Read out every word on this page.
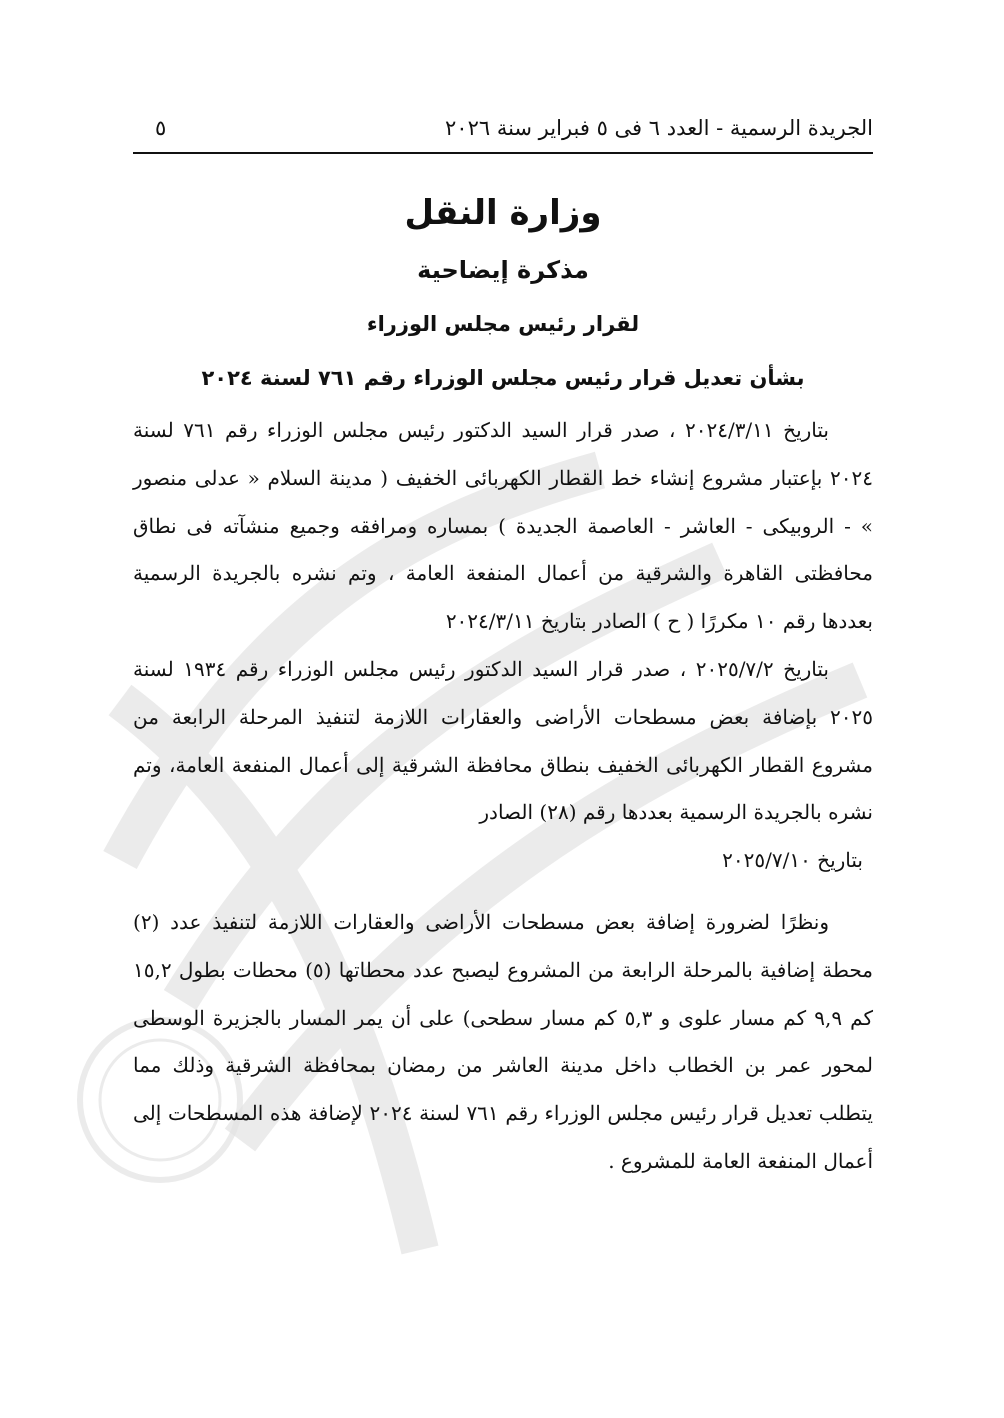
الجريدة الرسمية - العدد ٦ فى ٥ فبراير سنة ٢٠٢٦
٥
وزارة النقل
مذكرة إيضاحية
لقرار رئيس مجلس الوزراء
بشأن تعديل قرار رئيس مجلس الوزراء رقم ٧٦١ لسنة ٢٠٢٤

بتاريخ ٢٠٢٤/٣/١١ ، صدر قرار السيد الدكتور رئيس مجلس الوزراء رقم ٧٦١ لسنة ٢٠٢٤ بإعتبار مشروع إنشاء خط القطار الكهربائى الخفيف ( مدينة السلام « عدلى منصور » - الروبيكى - العاشر - العاصمة الجديدة ) بمساره ومرافقه وجميع منشآته فى نطاق محافظتى القاهرة والشرقية من أعمال المنفعة العامة ، وتم نشره بالجريدة الرسمية بعددها رقم ١٠ مكررًا ( ح ) الصادر بتاريخ ٢٠٢٤/٣/١١

بتاريخ ٢٠٢٥/٧/٢ ، صدر قرار السيد الدكتور رئيس مجلس الوزراء رقم ١٩٣٤ لسنة ٢٠٢٥ بإضافة بعض مسطحات الأراضى والعقارات اللازمة لتنفيذ المرحلة الرابعة من مشروع القطار الكهربائى الخفيف بنطاق محافظة الشرقية إلى أعمال المنفعة العامة، وتم نشره بالجريدة الرسمية بعددها رقم (٢٨) الصادر

بتاريخ ٢٠٢٥/٧/١٠

ونظرًا لضرورة إضافة بعض مسطحات الأراضى والعقارات اللازمة لتنفيذ عدد (٢) محطة إضافية بالمرحلة الرابعة من المشروع ليصبح عدد محطاتها (٥) محطات بطول ١٥,٢ كم ٩,٩ كم مسار علوى و ٥,٣ كم مسار سطحى) على أن يمر المسار بالجزيرة الوسطى لمحور عمر بن الخطاب داخل مدينة العاشر من رمضان بمحافظة الشرقية وذلك مما يتطلب تعديل قرار رئيس مجلس الوزراء رقم ٧٦١ لسنة ٢٠٢٤ لإضافة هذه المسطحات إلى أعمال المنفعة العامة للمشروع .
